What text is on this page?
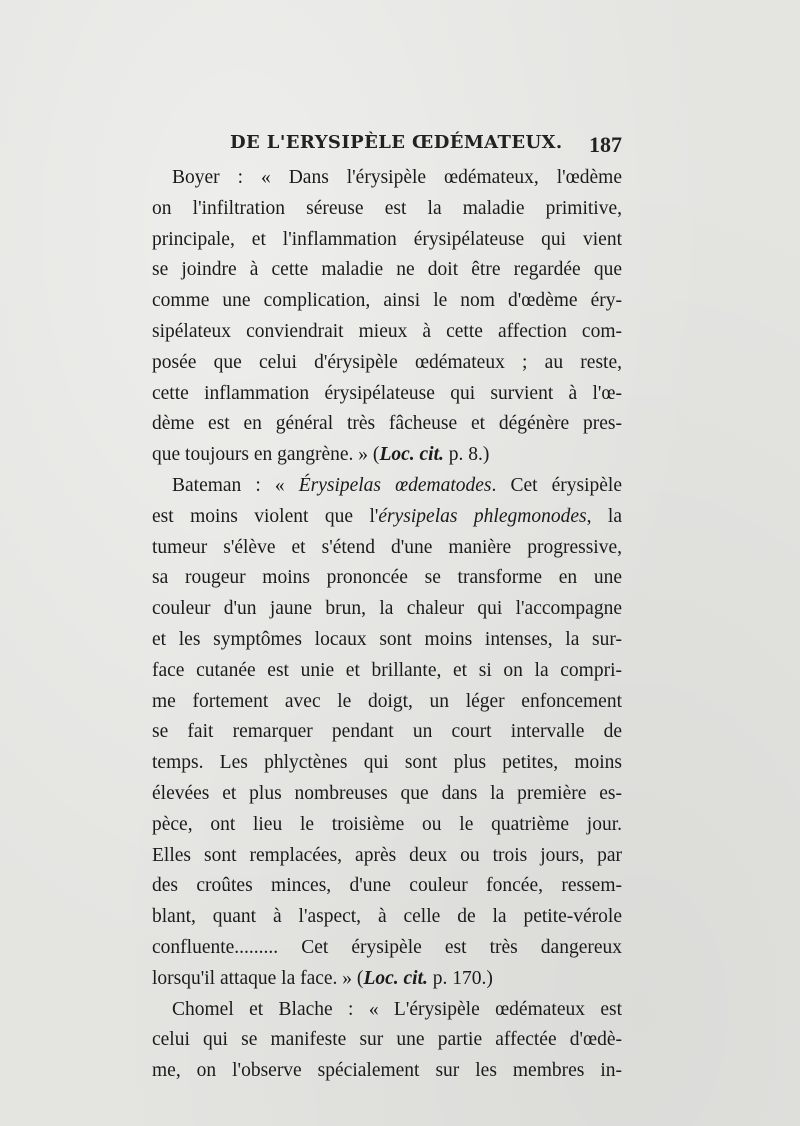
DE L'ERYSIPÈLE ŒDÉMATEUX. 187
Boyer : « Dans l'érysipèle œdémateux, l'œdème
on l'infiltration séreuse est la maladie primitive,
principale, et l'inflammation érysipélateuse qui vient
se joindre à cette maladie ne doit être regardée que
comme une complication, ainsi le nom d'œdème éry-
sipélateux conviendrait mieux à cette affection com-
posée que celui d'érysipèle œdémateux ; au reste,
cette inflammation érysipélateuse qui survient à l'œ-
dème est en général très fâcheuse et dégénère pres-
que toujours en gangrène. » (Loc. cit. p. 8.)
Bateman : « Érysipelas œdematodes. Cet érysipèle
est moins violent que l'érysipelas phlegmonodes, la
tumeur s'élève et s'étend d'une manière progressive,
sa rougeur moins prononcée se transforme en une
couleur d'un jaune brun, la chaleur qui l'accompagne
et les symptômes locaux sont moins intenses, la sur-
face cutanée est unie et brillante, et si on la compri-
me fortement avec le doigt, un léger enfoncement
se fait remarquer pendant un court intervalle de
temps. Les phlyctènes qui sont plus petites, moins
élevées et plus nombreuses que dans la première es-
pèce, ont lieu le troisième ou le quatrième jour.
Elles sont remplacées, après deux ou trois jours, par
des croûtes minces, d'une couleur foncée, ressem-
blant, quant à l'aspect, à celle de la petite-vérole
confluente......... Cet érysipèle est très dangereux
lorsqu'il attaque la face. » (Loc. cit. p. 170.)
Chomel et Blache : « L'érysipèle œdémateux est
celui qui se manifeste sur une partie affectée d'œdè-
me, on l'observe spécialement sur les membres in-
